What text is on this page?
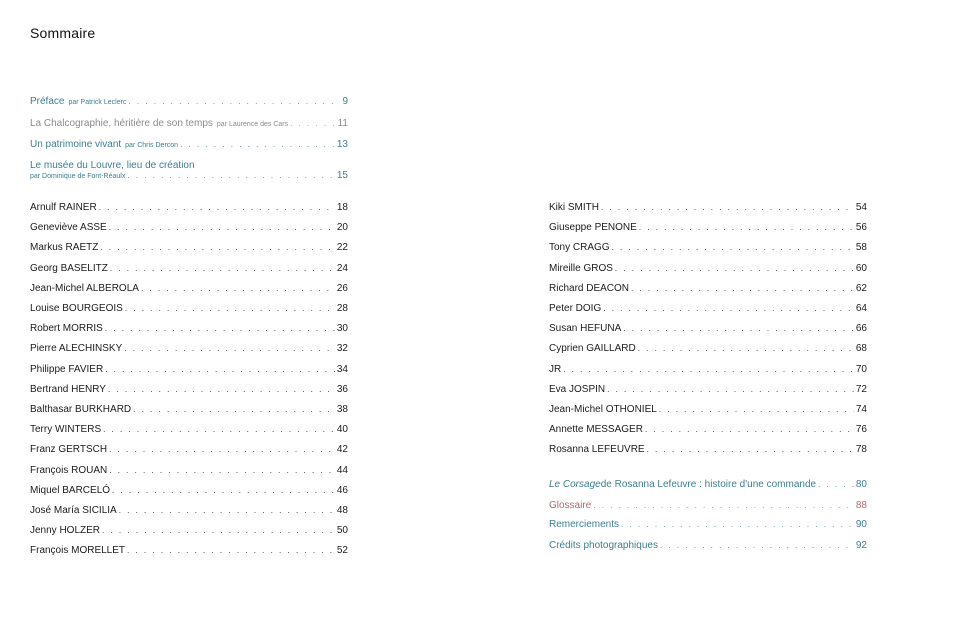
Sommaire
Préface par Patrick Leclerc . . .	9
La Chalcographie, héritière de son temps par Laurence des Cars . . .	11
Un patrimoine vivant par Chris Dercon . . .	13
Le musée du Louvre, lieu de création
par Dominique de Font-Réaulx . . .	15
Arnulf RAINER . . .	18
Geneviève ASSE . . .	20
Markus RAETZ . . .	22
Georg BASELITZ . . .	24
Jean-Michel ALBEROLA . . .	26
Louise BOURGEOIS . . .	28
Robert MORRIS . . .	30
Pierre ALECHINSKY . . .	32
Philippe FAVIER . . .	34
Bertrand HENRY . . .	36
Balthasar BURKHARD . . .	38
Terry WINTERS . . .	40
Franz GERTSCH . . .	42
François ROUAN . . .	44
Miquel BARCELÓ . . .	46
José María SICILIA . . .	48
Jenny HOLZER . . .	50
François MORELLET . . .	52
Kiki SMITH . . .	54
Giuseppe PENONE . . .	56
Tony CRAGG . . .	58
Mireille GROS . . .	60
Richard DEACON . . .	62
Peter DOIG . . .	64
Susan HEFUNA . . .	66
Cyprien GAILLARD . . .	68
JR . . .	70
Eva JOSPIN . . .	72
Jean-Michel OTHONIEL . . .	74
Annette MESSAGER . . .	76
Rosanna LEFEUVRE . . .	78
Le Corsage de Rosanna Lefeuvre : histoire d'une commande . . .	80
Glossaire . . .	88
Remerciements . . .	90
Crédits photographiques . . .	92
